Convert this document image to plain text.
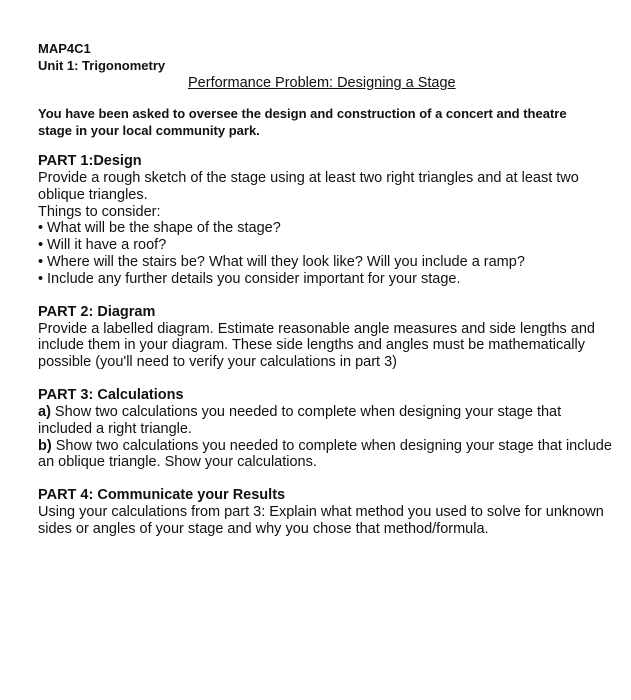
MAP4C1
Unit 1: Trigonometry
Performance Problem: Designing a Stage
You have been asked to oversee the design and construction of a concert and theatre stage in your local community park.
PART 1:Design
Provide a rough sketch of the stage using at least two right triangles and at least two oblique triangles.
Things to consider:
• What will be the shape of the stage?
• Will it have a roof?
• Where will the stairs be? What will they look like? Will you include a ramp?
• Include any further details you consider important for your stage.
PART 2: Diagram
Provide a labelled diagram. Estimate reasonable angle measures and side lengths and include them in your diagram. These side lengths and angles must be mathematically possible (you'll need to verify your calculations in part 3)
PART 3: Calculations
a) Show two calculations you needed to complete when designing your stage that included a right triangle.
b) Show two calculations you needed to complete when designing your stage that include an oblique triangle. Show your calculations.
PART 4: Communicate your Results
Using your calculations from part 3: Explain what method you used to solve for unknown sides or angles of your stage and why you chose that method/formula.
